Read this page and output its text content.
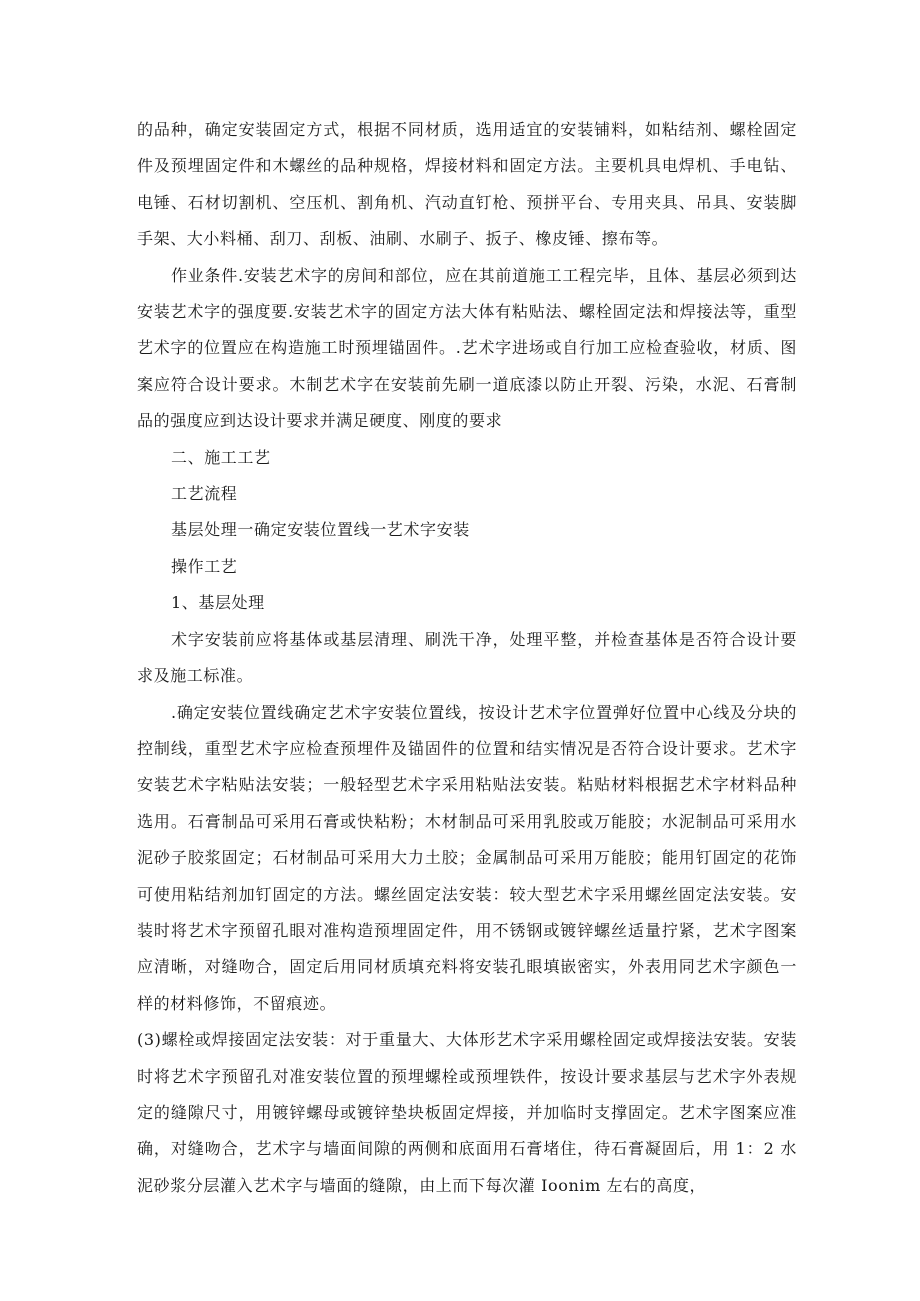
的品种，确定安装固定方式，根据不同材质，选用适宜的安装铺料，如粘结剂、螺栓固定件及预埋固定件和木螺丝的品种规格，焊接材料和固定方法。主要机具电焊机、手电钻、电锤、石材切割机、空压机、割角机、汽动直钉枪、预拼平台、专用夹具、吊具、安装脚手架、大小料桶、刮刀、刮板、油刷、水刷子、扳子、橡皮锤、擦布等。

作业条件.安装艺术字的房间和部位，应在其前道施工工程完毕，且体、基层必须到达安装艺术字的强度要.安装艺术字的固定方法大体有粘贴法、螺栓固定法和焊接法等，重型艺术字的位置应在构造施工时预埋锚固件。.艺术字进场或自行加工应检查验收，材质、图案应符合设计要求。木制艺术字在安装前先刷一道底漆以防止开裂、污染，水泥、石膏制品的强度应到达设计要求并满足硬度、刚度的要求

二、施工工艺

工艺流程

基层处理一确定安装位置线一艺术字安装

操作工艺

1、基层处理

术字安装前应将基体或基层清理、刷洗干净，处理平整，并检查基体是否符合设计要求及施工标准。

.确定安装位置线确定艺术字安装位置线，按设计艺术字位置弹好位置中心线及分块的控制线，重型艺术字应检查预埋件及锚固件的位置和结实情况是否符合设计要求。艺术字安装艺术字粘贴法安装；一般轻型艺术字采用粘贴法安装。粘贴材料根据艺术字材料品种选用。石膏制品可采用石膏或快粘粉；木材制品可采用乳胶或万能胶；水泥制品可采用水泥砂子胶浆固定；石材制品可采用大力土胶；金属制品可采用万能胶；能用钉固定的花饰可使用粘结剂加钉固定的方法。螺丝固定法安装：较大型艺术字采用螺丝固定法安装。安装时将艺术字预留孔眼对准构造预埋固定件，用不锈钢或镀锌螺丝适量拧紧，艺术字图案应清晰，对缝吻合，固定后用同材质填充料将安装孔眼填嵌密实，外表用同艺术字颜色一样的材料修饰，不留痕迹。

(3)螺栓或焊接固定法安装：对于重量大、大体形艺术字采用螺栓固定或焊接法安装。安装时将艺术字预留孔对准安装位置的预埋螺栓或预埋铁件，按设计要求基层与艺术字外表规定的缝隙尺寸，用镀锌螺母或镀锌垫块板固定焊接，并加临时支撑固定。艺术字图案应准确，对缝吻合，艺术字与墙面间隙的两侧和底面用石膏堵住，待石膏凝固后，用 1：2 水泥砂浆分层灌入艺术字与墙面的缝隙，由上而下每次灌 Ioonim 左右的高度，
